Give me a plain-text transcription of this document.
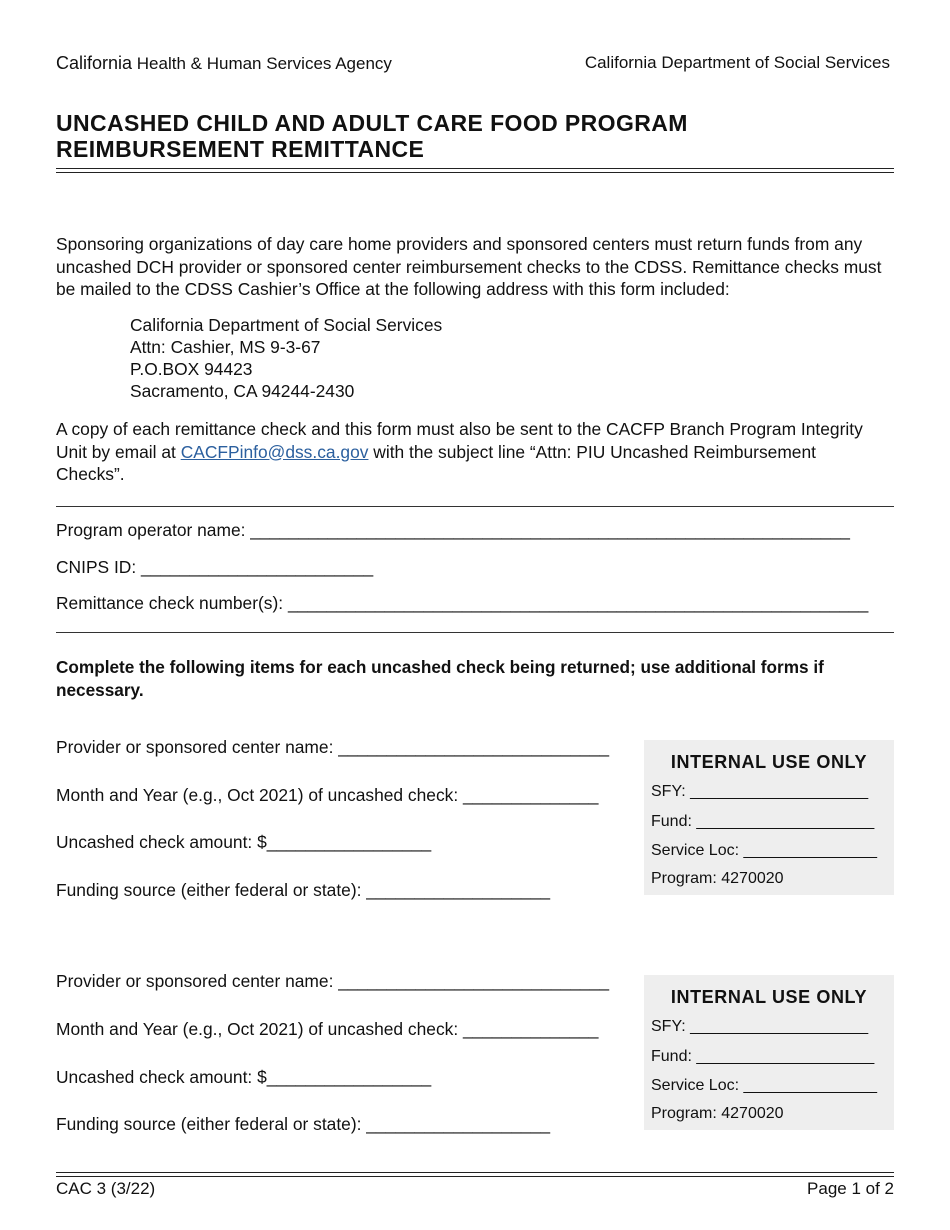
California Health & Human Services Agency	California Department of Social Services
UNCASHED CHILD AND ADULT CARE FOOD PROGRAM
REIMBURSEMENT REMITTANCE
Sponsoring organizations of day care home providers and sponsored centers must return funds from any uncashed DCH provider or sponsored center reimbursement checks to the CDSS. Remittance checks must be mailed to the CDSS Cashier’s Office at the following address with this form included:
California Department of Social Services
Attn: Cashier, MS 9-3-67
P.O.BOX 94423
Sacramento, CA 94244-2430
A copy of each remittance check and this form must also be sent to the CACFP Branch Program Integrity Unit by email at CACFPinfo@dss.ca.gov with the subject line “Attn: PIU Uncashed Reimbursement Checks”.
Program operator name: ______________________________________________________________
CNIPS ID: ________________________
Remittance check number(s): ____________________________________________________________
Complete the following items for each uncashed check being returned; use additional forms if necessary.
Provider or sponsored center name: ____________________________
Month and Year (e.g., Oct 2021) of uncashed check: ______________
Uncashed check amount: $_________________
Funding source (either federal or state): ___________________
INTERNAL USE ONLY
SFY: ____________________
Fund: ____________________
Service Loc: _______________
Program: 4270020
Provider or sponsored center name: ____________________________
Month and Year (e.g., Oct 2021) of uncashed check: ______________
Uncashed check amount: $_________________
Funding source (either federal or state): ___________________
INTERNAL USE ONLY
SFY: ____________________
Fund: ____________________
Service Loc: _______________
Program: 4270020
CAC 3 (3/22)	Page 1 of 2
